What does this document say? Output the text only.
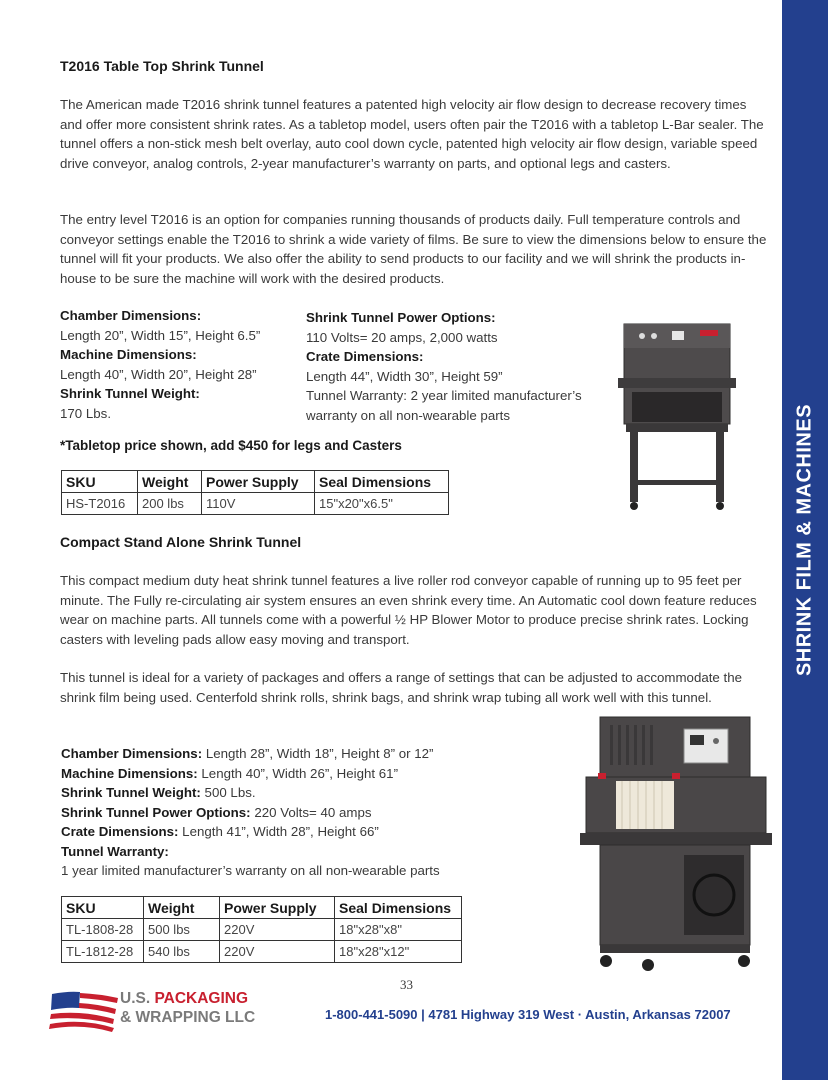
SHRINK FILM & MACHINES
T2016 Table Top Shrink Tunnel

The American made T2016 shrink tunnel features a patented high velocity air flow design to decrease recovery times and offer more consistent shrink rates. As a tabletop model, users often pair the T2016 with a tabletop L-Bar sealer. The tunnel offers a non-stick mesh belt overlay, auto cool down cycle, patented high velocity air flow design, variable speed drive conveyor, analog controls, 2-year manufacturer’s warranty on parts, and optional legs and casters.

The entry level T2016 is an option for companies running thousands of products daily. Full temperature controls and conveyor settings enable the T2016 to shrink a wide variety of films. Be sure to view the dimensions below to ensure the tunnel will fit your products. We also offer the ability to send products to our facility and we will shrink the products in-house to be sure the machine will work with the desired products.

Chamber Dimensions:
Length 20”, Width 15”, Height 6.5”
Machine Dimensions:
Length 40”, Width 20”, Height 28”
Shrink Tunnel Weight:
170 Lbs.
Shrink Tunnel Power Options:
110 Volts= 20 amps, 2,000 watts
Crate Dimensions:
Length 44”, Width 30”, Height 59”
Tunnel Warranty: 2 year limited manufacturer’s
warranty on all non-wearable parts
*Tabletop price shown, add $450 for legs and Casters
SKU	Weight	Power Supply	Seal Dimensions
HS-T2016	200 lbs	110V	15"x20"x6.5"
Compact Stand Alone Shrink Tunnel

This compact medium duty heat shrink tunnel features a live roller rod conveyor capable of running up to 95 feet per minute. The Fully re-circulating air system ensures an even shrink every time. An Automatic cool down feature reduces wear on machine parts. All tunnels come with a powerful ½ HP Blower Motor to produce precise shrink rates. Locking casters with leveling pads allow easy moving and transport.

This tunnel is ideal for a variety of packages and offers a range of settings that can be adjusted to accommodate the shrink film being used. Centerfold shrink rolls, shrink bags, and shrink wrap tubing all work well with this tunnel.

Chamber Dimensions: Length 28”, Width 18”, Height 8” or 12”
Machine Dimensions: Length 40”, Width 26”, Height 61”
Shrink Tunnel Weight: 500 Lbs.
Shrink Tunnel Power Options: 220 Volts= 40 amps
Crate Dimensions: Length 41”, Width 28”, Height 66”
Tunnel Warranty:
1 year limited manufacturer’s warranty on all non-wearable parts
SKU	Weight	Power Supply	Seal Dimensions
TL-1808-28	500 lbs	220V	18"x28"x8"
TL-1812-28	540 lbs	220V	18"x28"x12"
33
U.S. PACKAGING
& WRAPPING LLC	1-800-441-5090 | 4781 Highway 319 West · Austin, Arkansas 72007
